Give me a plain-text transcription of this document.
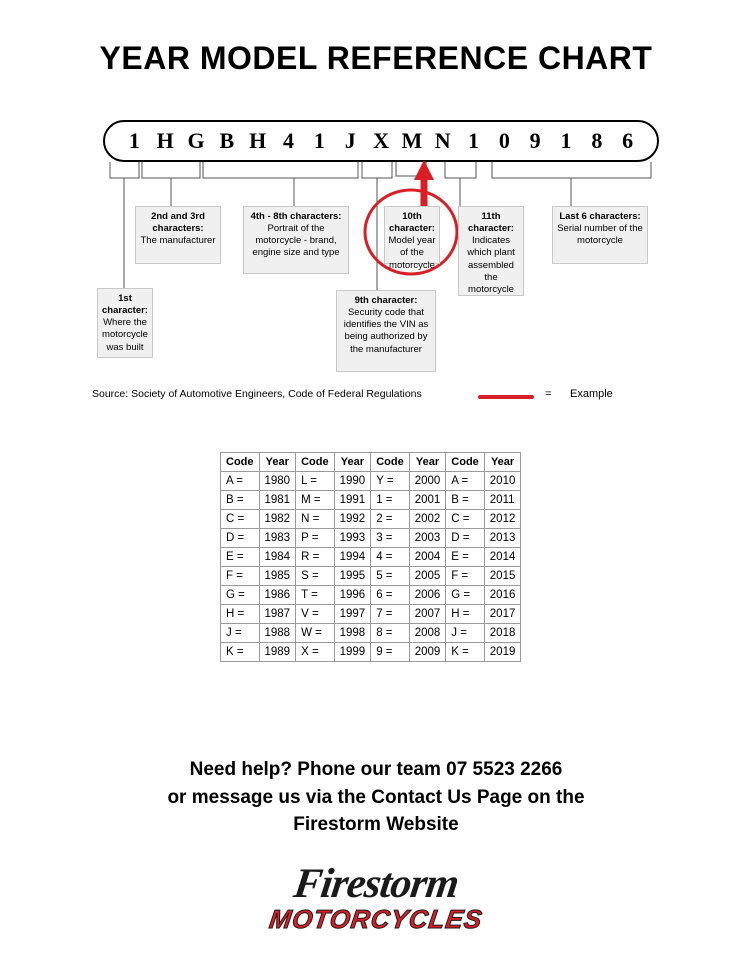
YEAR MODEL REFERENCE CHART
1 H G B H 4 1 J X M N 1 0 9 1 8 6
1st character:
Where the motorcycle was built
2nd and 3rd characters:
The manufacturer
4th - 8th characters:
Portrait of the motorcycle - brand, engine size and type
9th character:
Security code that identifies the VIN as being authorized by the manufacturer
10th character:
Model year of the motorcycle
11th character:
Indicates which plant assembled the motorcycle
Last 6 characters:
Serial number of the motorcycle
Source: Society of Automotive Engineers, Code of Federal Regulations	= Example
Code	Year	Code	Year	Code	Year	Code	Year
A =	1980	L =	1990	Y =	2000	A =	2010
B =	1981	M =	1991	1 =	2001	B =	2011
C =	1982	N =	1992	2 =	2002	C =	2012
D =	1983	P =	1993	3 =	2003	D =	2013
E =	1984	R =	1994	4 =	2004	E =	2014
F =	1985	S =	1995	5 =	2005	F =	2015
G =	1986	T =	1996	6 =	2006	G =	2016
H =	1987	V =	1997	7 =	2007	H =	2017
J =	1988	W =	1998	8 =	2008	J =	2018
K =	1989	X =	1999	9 =	2009	K =	2019
Need help? Phone our team 07 5523 2266
or message us via the Contact Us Page on the
Firestorm Website
Firestorm
MOTORCYCLES
